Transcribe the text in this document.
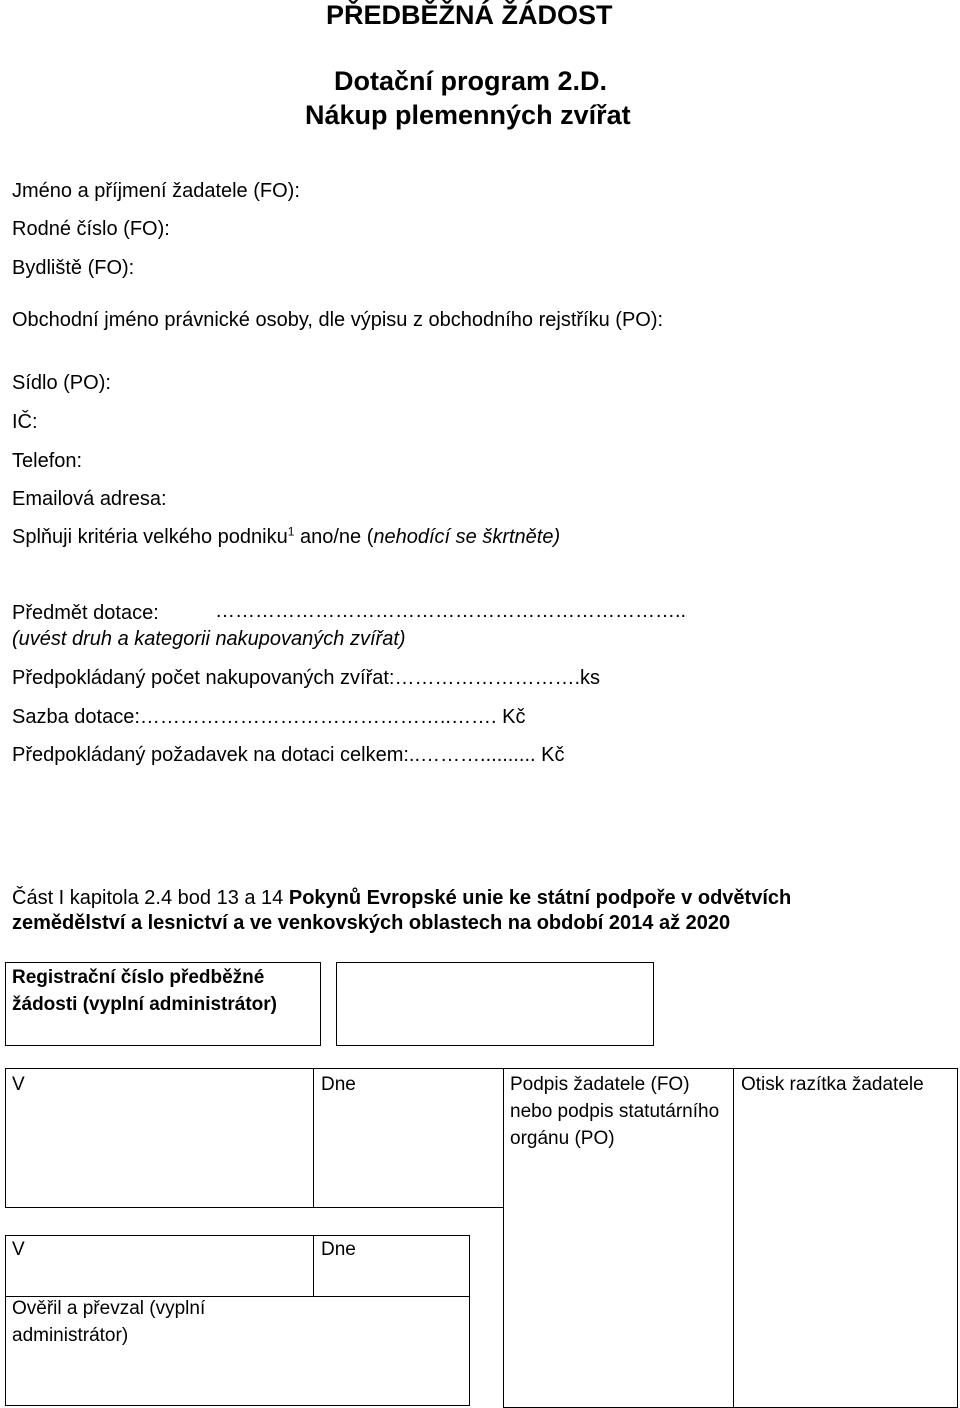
PŘEDBĚŽNÁ ŽÁDOST
Dotační program 2.D.
Nákup plemenných zvířat
Jméno a příjmení žadatele (FO):
Rodné číslo (FO):
Bydliště (FO):
Obchodní jméno právnické osoby, dle výpisu z obchodního rejstříku (PO):
Sídlo (PO):
IČ:
Telefon:
Emailová adresa:
Splňuji kritéria velkého podniku$^1$ ano/ne (nehodící se škrtněte)
Předmět dotace:	……………………………………………………………..
(uvést druh a kategorii nakupovaných zvířat)
Předpokládaný počet nakupovaných zvířat:……………………….ks
Sazba dotace:………………………………………..……. Kč
Předpokládaný požadavek na dotaci celkem:..……….......... Kč
Část I kapitola 2.4 bod 13 a 14 Pokynů Evropské unie ke státní podpoře v odvětvích
zemědělství a lesnictví a ve venkovských oblastech na období 2014 až 2020
Registrační číslo předběžné žádosti (vyplní administrátor)
V	Dne	Podpis žadatele (FO) nebo podpis statutárního orgánu (PO)
Otisk razítka žadatele
V	Dne
Ověřil a převzal (vyplní administrátor)
